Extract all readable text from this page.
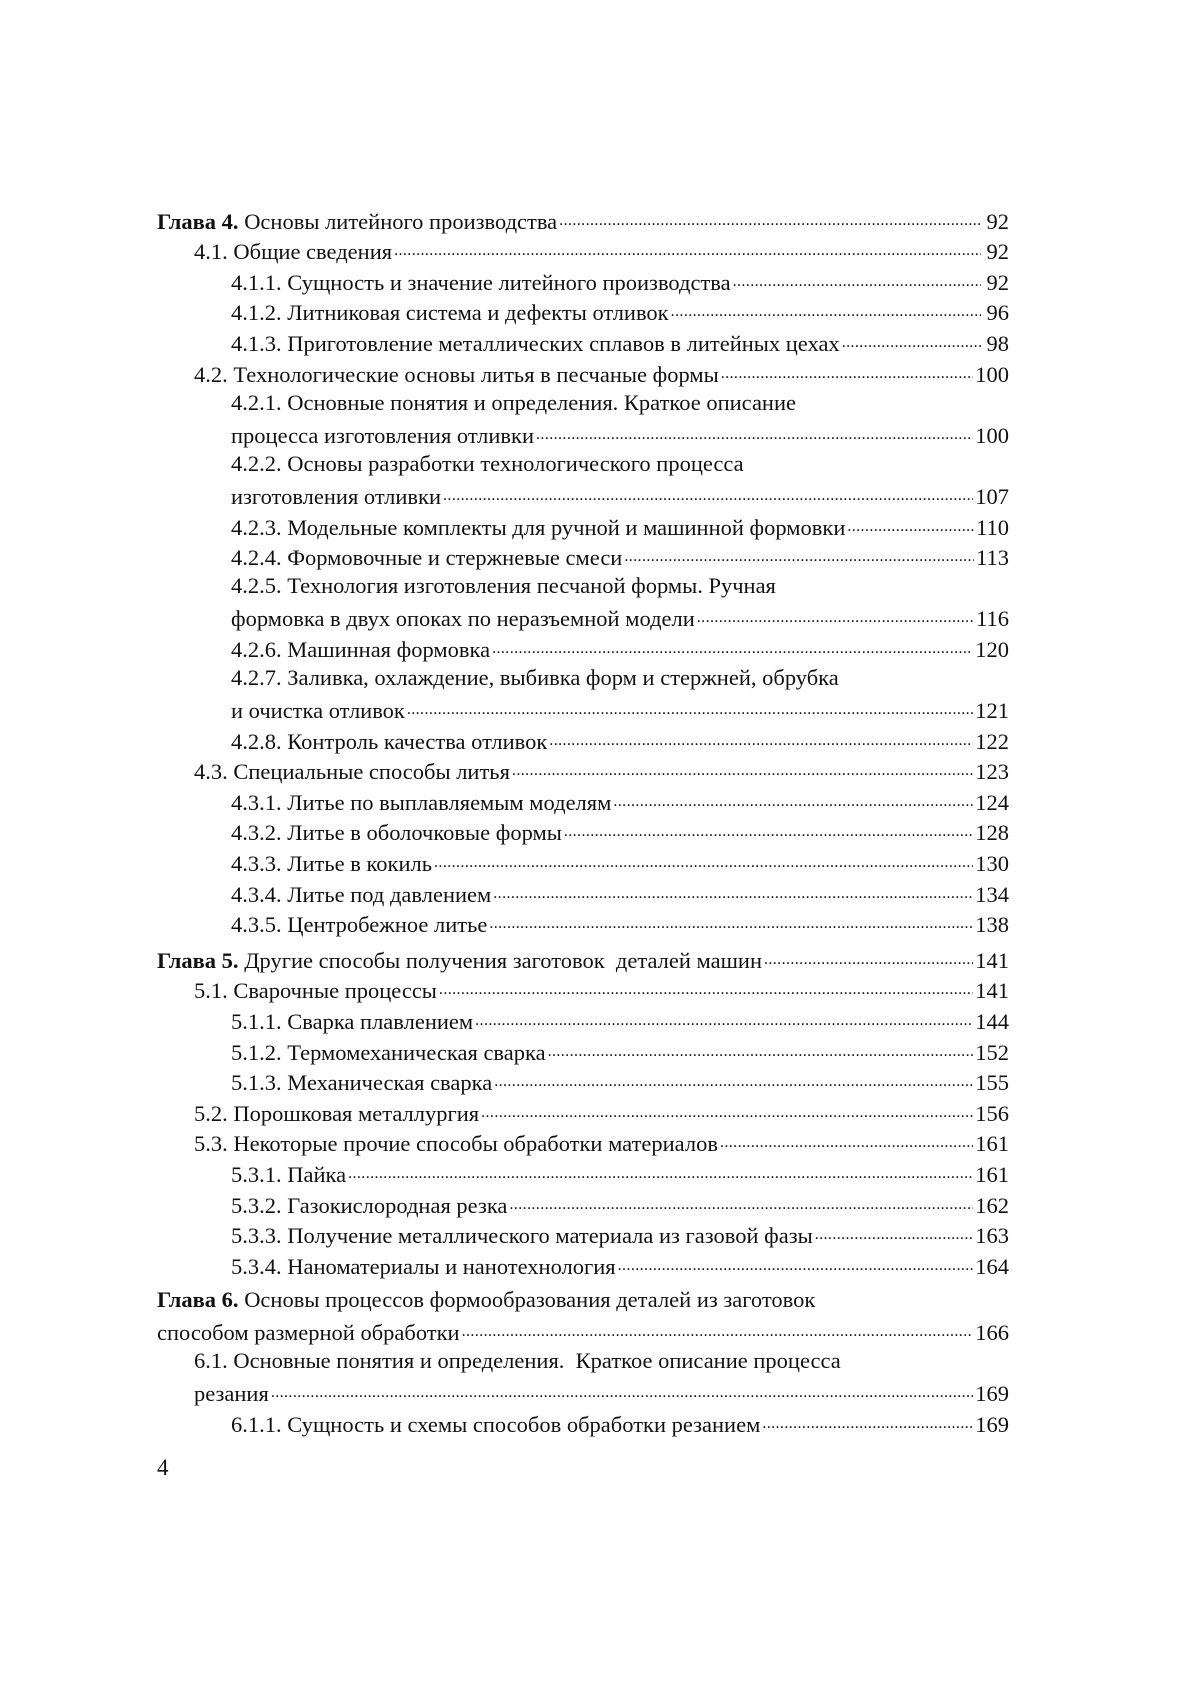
Глава 4. Основы литейного производства .....	92
4.1. Общие сведения .....	92
4.1.1. Сущность и значение литейного производства .....	92
4.1.2. Литниковая система и дефекты отливок .....	96
4.1.3. Приготовление металлических сплавов в литейных цехах .....	98
4.2. Технологические основы литья в песчаные формы .....	100
4.2.1. Основные понятия и определения. Краткое описание
процесса изготовления отливки .....	100
4.2.2. Основы разработки технологического процесса
изготовления отливки .....	107
4.2.3. Модельные комплекты для ручной и машинной формовки .....	110
4.2.4. Формовочные и стержневые смеси .....	113
4.2.5. Технология изготовления песчаной формы. Ручная
формовка в двух опоках по неразъемной модели .....	116
4.2.6. Машинная формовка .....	120
4.2.7. Заливка, охлаждение, выбивка форм и стержней, обрубка
и очистка отливок .....	121
4.2.8. Контроль качества отливок .....	122
4.3. Специальные способы литья .....	123
4.3.1. Литье по выплавляемым моделям .....	124
4.3.2. Литье в оболочковые формы .....	128
4.3.3. Литье в кокиль .....	130
4.3.4. Литье под давлением .....	134
4.3.5. Центробежное литье .....	138
Глава 5. Другие способы получения заготовок  деталей машин .....	141
5.1. Сварочные процессы .....	141
5.1.1. Сварка плавлением .....	144
5.1.2. Термомеханическая сварка .....	152
5.1.3. Механическая сварка .....	155
5.2. Порошковая металлургия .....	156
5.3. Некоторые прочие способы обработки материалов .....	161
5.3.1. Пайка .....	161
5.3.2. Газокислородная резка .....	162
5.3.3. Получение металлического материала из газовой фазы .....	163
5.3.4. Наноматериалы и нанотехнология .....	164
Глава 6. Основы процессов формообразования деталей из заготовок
способом размерной обработки .....	166
6.1. Основные понятия и определения.  Краткое описание процесса
резания .....	169
6.1.1. Сущность и схемы способов обработки резанием .....	169
4
